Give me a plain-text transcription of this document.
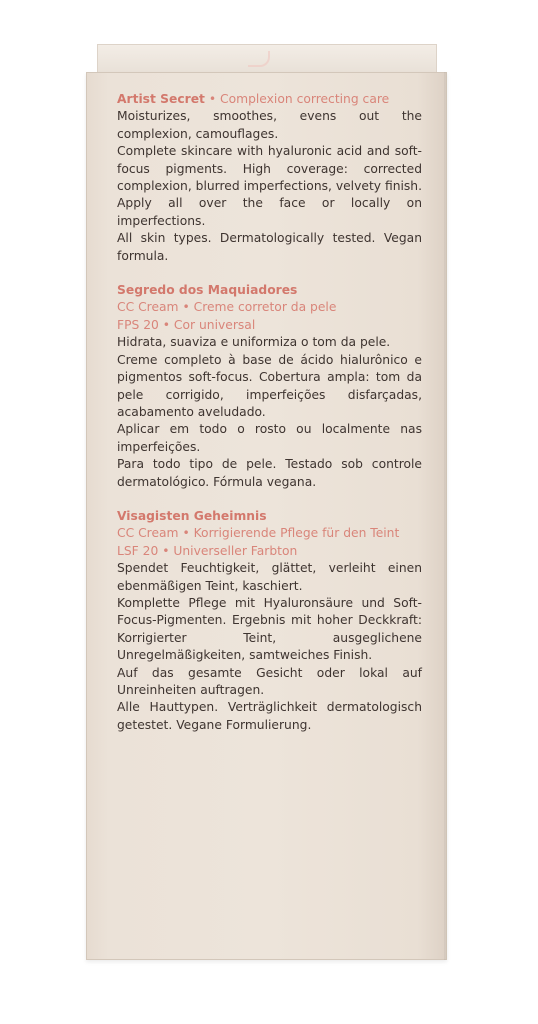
Artist Secret • Complexion correcting care

Moisturizes, smoothes, evens out the complexion, camouflages.

Complete skincare with hyaluronic acid and soft-focus pigments. High coverage: corrected complexion, blurred imperfections, velvety finish.

Apply all over the face or locally on imperfections.

All skin types. Dermatologically tested. Vegan formula.

Segredo dos Maquiadores
CC Cream • Creme corretor da pele
FPS 20 • Cor universal

Hidrata, suaviza e uniformiza o tom da pele.

Creme completo à base de ácido hialurônico e pigmentos soft-focus. Cobertura ampla: tom da pele corrigido, imperfeições disfarçadas, acabamento aveludado.

Aplicar em todo o rosto ou localmente nas imperfeições.

Para todo tipo de pele. Testado sob controle dermatológico. Fórmula vegana.

Visagisten Geheimnis
CC Cream • Korrigierende Pflege für den Teint
LSF 20 • Universeller Farbton

Spendet Feuchtigkeit, glättet, verleiht einen ebenmäßigen Teint, kaschiert.

Komplette Pflege mit Hyaluronsäure und Soft-Focus-Pigmenten. Ergebnis mit hoher Deckkraft: Korrigierter Teint, ausgeglichene Unregelmäßigkeiten, samtweiches Finish.

Auf das gesamte Gesicht oder lokal auf Unreinheiten auftragen.

Alle Hauttypen. Verträglichkeit dermatologisch getestet. Vegane Formulierung.
